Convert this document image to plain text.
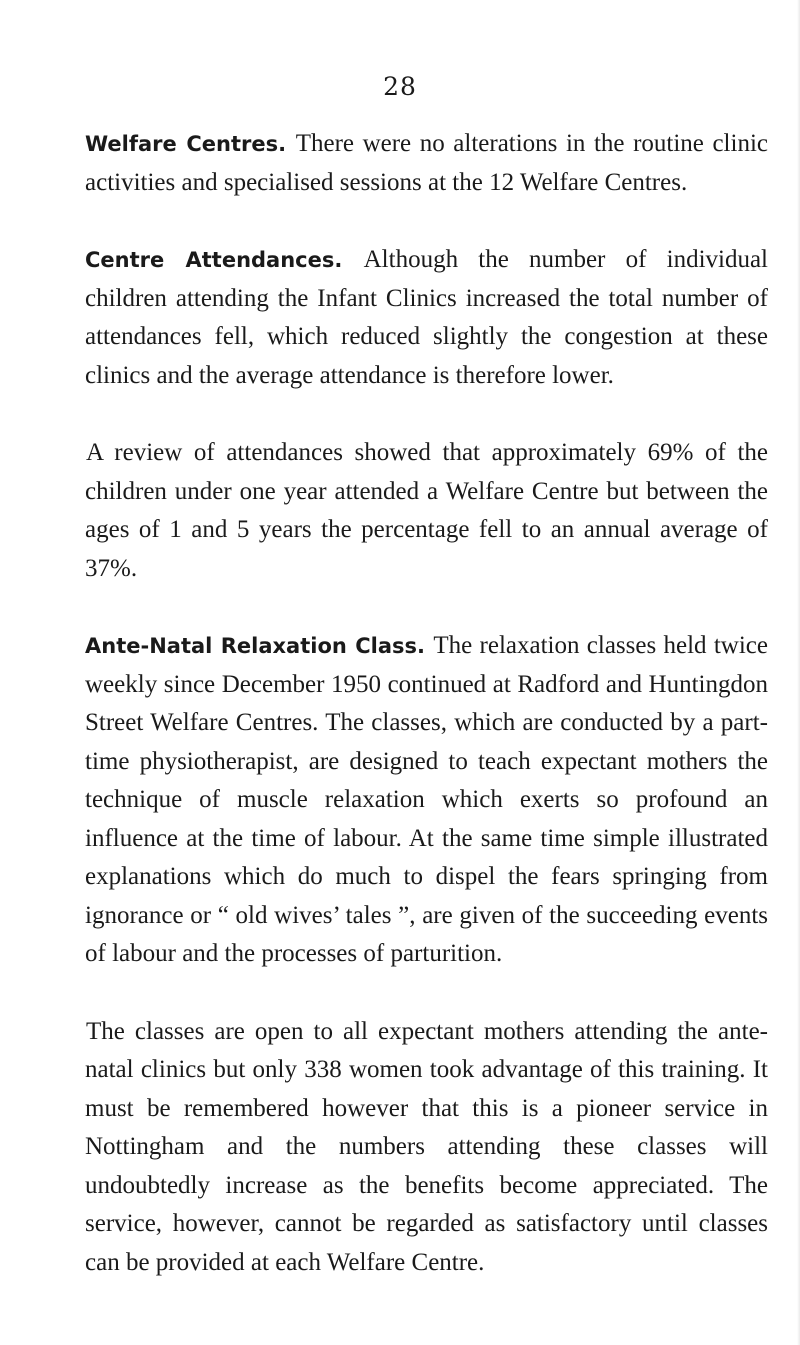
28

Welfare Centres. There were no alterations in the routine clinic activities and specialised sessions at the 12 Welfare Centres.

Centre Attendances. Although the number of individual children attending the Infant Clinics increased the total number of attendances fell, which reduced slightly the congestion at these clinics and the average attendance is therefore lower.

A review of attendances showed that approximately 69% of the children under one year attended a Welfare Centre but between the ages of 1 and 5 years the percentage fell to an annual average of 37%.

Ante-Natal Relaxation Class. The relaxation classes held twice weekly since December 1950 continued at Radford and Huntingdon Street Welfare Centres. The classes, which are conducted by a part-time physiotherapist, are designed to teach expectant mothers the technique of muscle relaxation which exerts so profound an influence at the time of labour. At the same time simple illustrated explanations which do much to dispel the fears springing from ignorance or “ old wives’ tales ”, are given of the succeeding events of labour and the processes of parturition.

The classes are open to all expectant mothers attending the ante-natal clinics but only 338 women took advantage of this training. It must be remembered however that this is a pioneer service in Nottingham and the numbers attending these classes will undoubtedly increase as the benefits become appreciated. The service, however, cannot be regarded as satisfactory until classes can be provided at each Welfare Centre.
